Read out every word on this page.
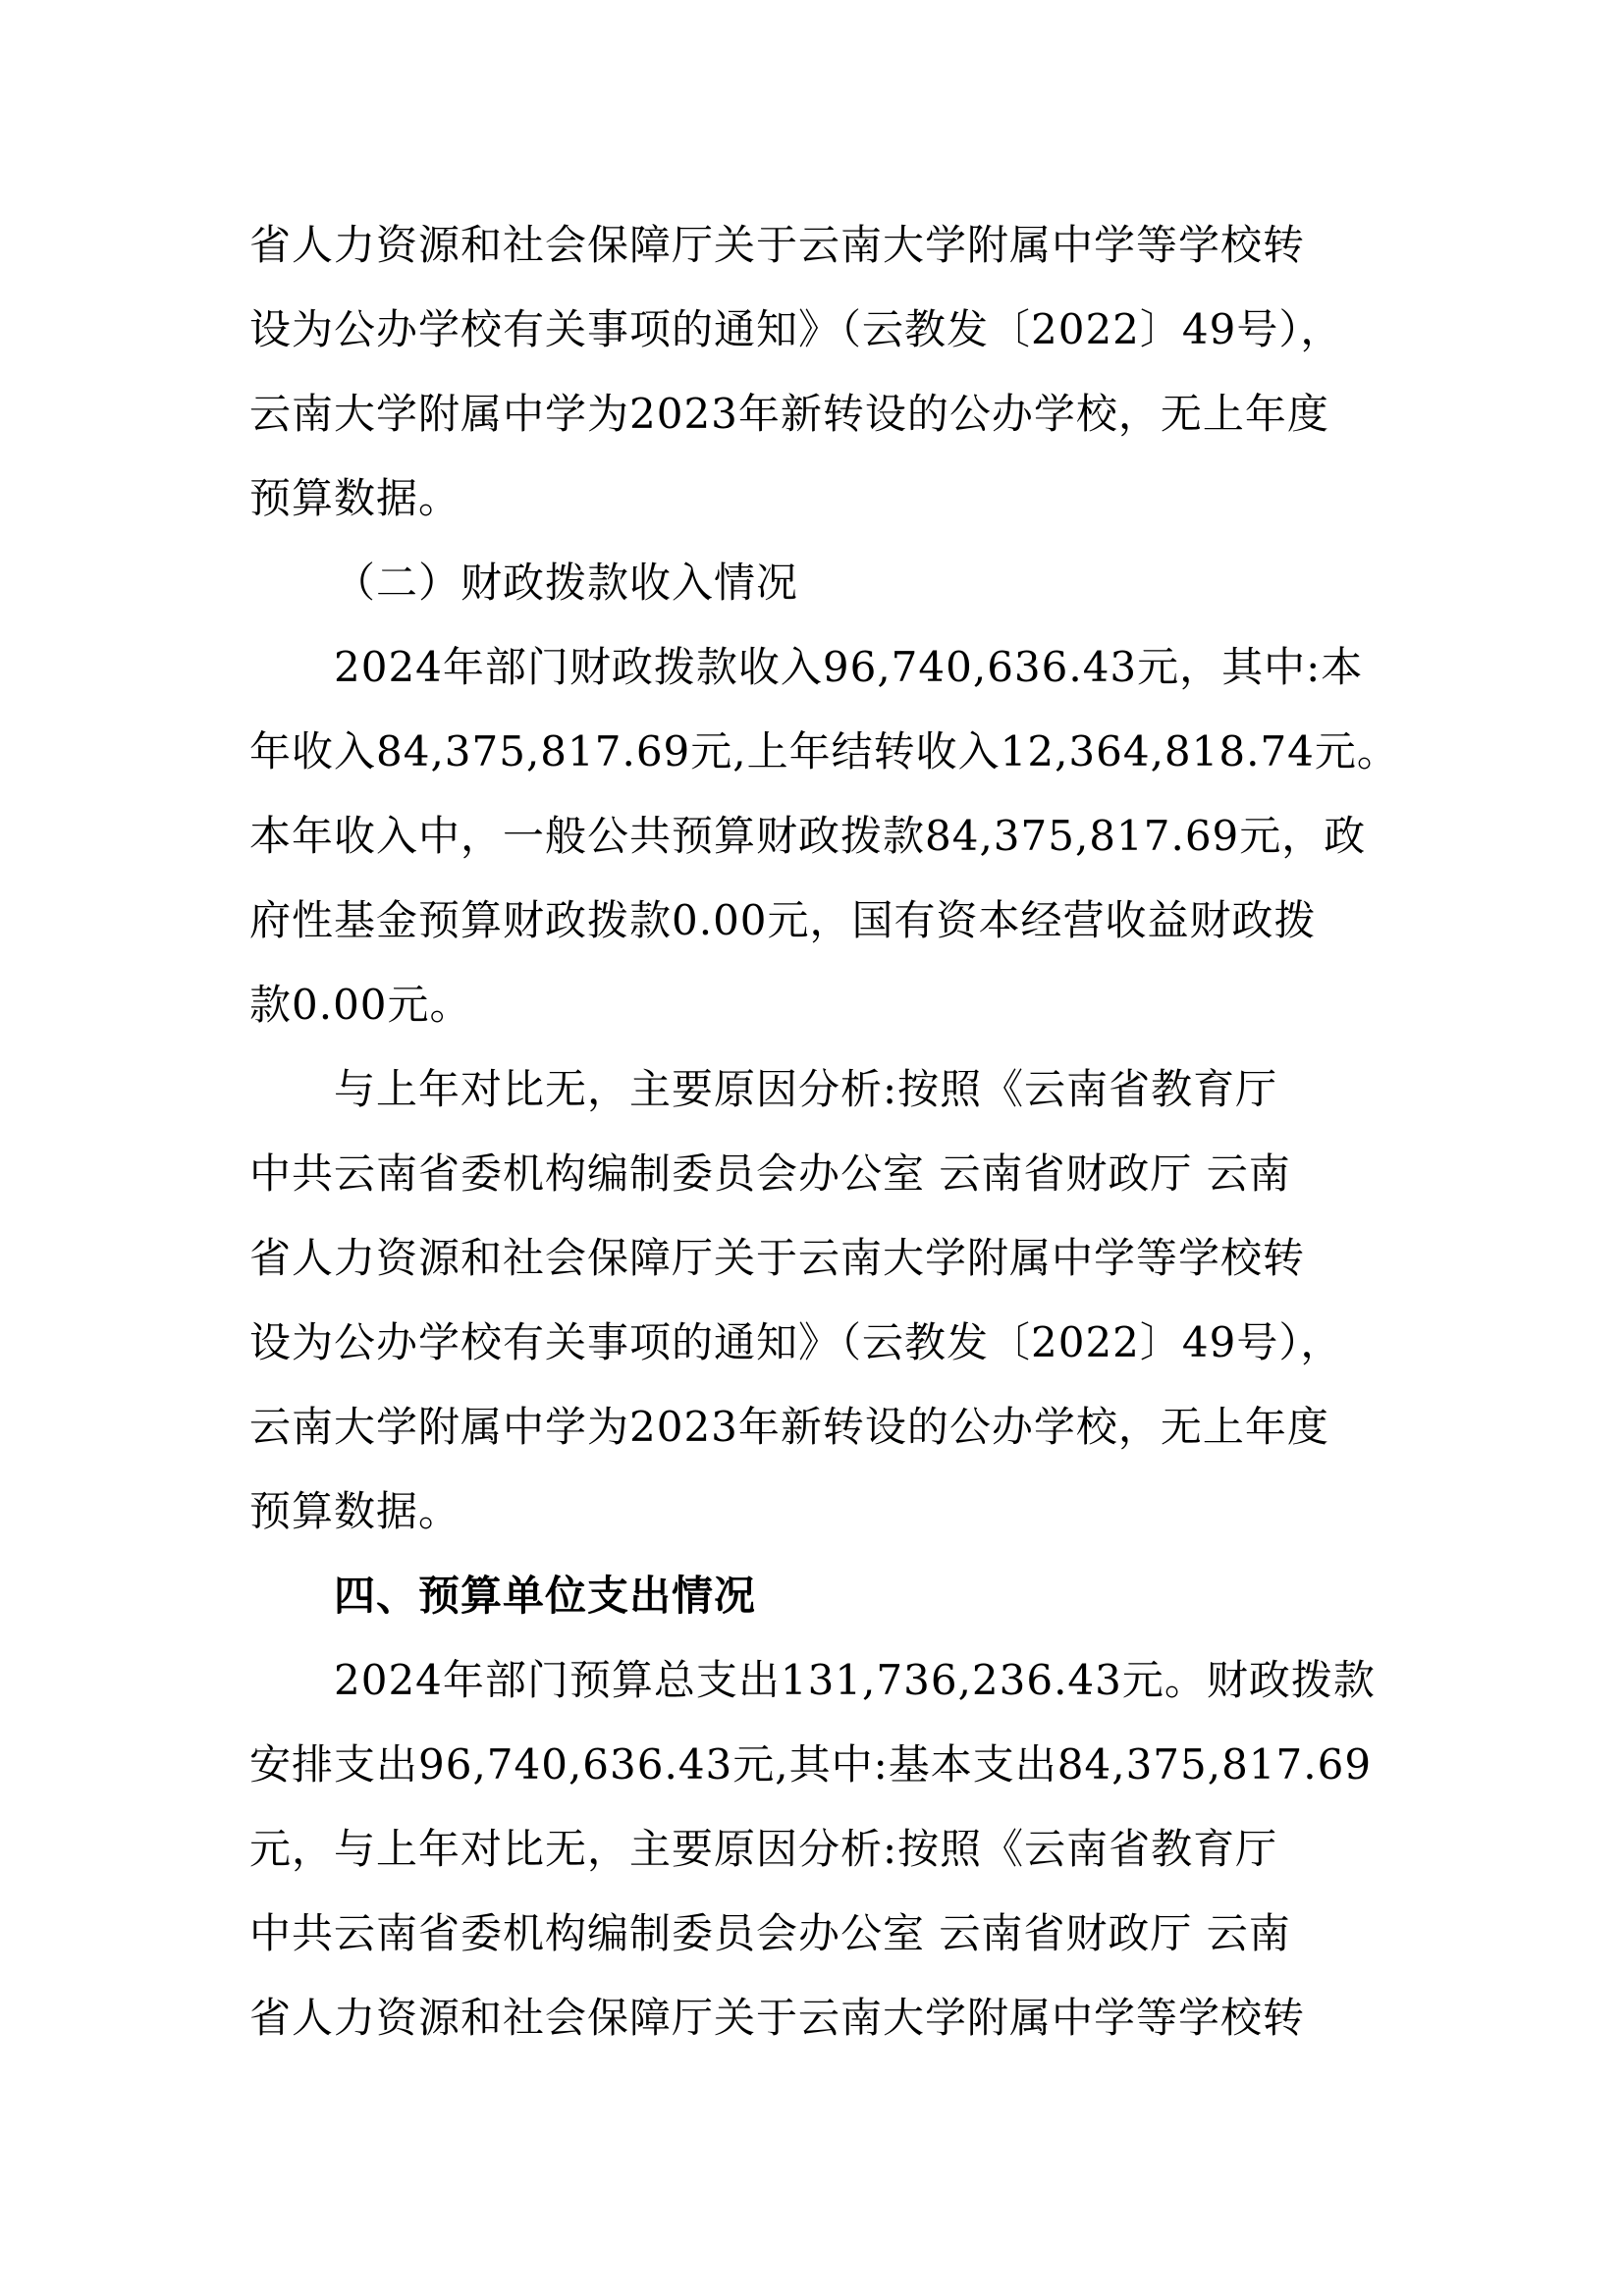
省人力资源和社会保障厅关于云南大学附属中学等学校转
设为公办学校有关事项的通知》（云教发〔2022〕49号），
云南大学附属中学为2023年新转设的公办学校，无上年度
预算数据。
（二）财政拨款收入情况
2024年部门财政拨款收入96,740,636.43元，其中:本
年收入84,375,817.69元,上年结转收入12,364,818.74元。
本年收入中，一般公共预算财政拨款84,375,817.69元，政
府性基金预算财政拨款0.00元，国有资本经营收益财政拨
款0.00元。
与上年对比无，主要原因分析:按照《云南省教育厅
中共云南省委机构编制委员会办公室 云南省财政厅 云南
省人力资源和社会保障厅关于云南大学附属中学等学校转
设为公办学校有关事项的通知》（云教发〔2022〕49号），
云南大学附属中学为2023年新转设的公办学校，无上年度
预算数据。
四、预算单位支出情况
2024年部门预算总支出131,736,236.43元。财政拨款
安排支出96,740,636.43元,其中:基本支出84,375,817.69
元，与上年对比无，主要原因分析:按照《云南省教育厅
中共云南省委机构编制委员会办公室 云南省财政厅 云南
省人力资源和社会保障厅关于云南大学附属中学等学校转
